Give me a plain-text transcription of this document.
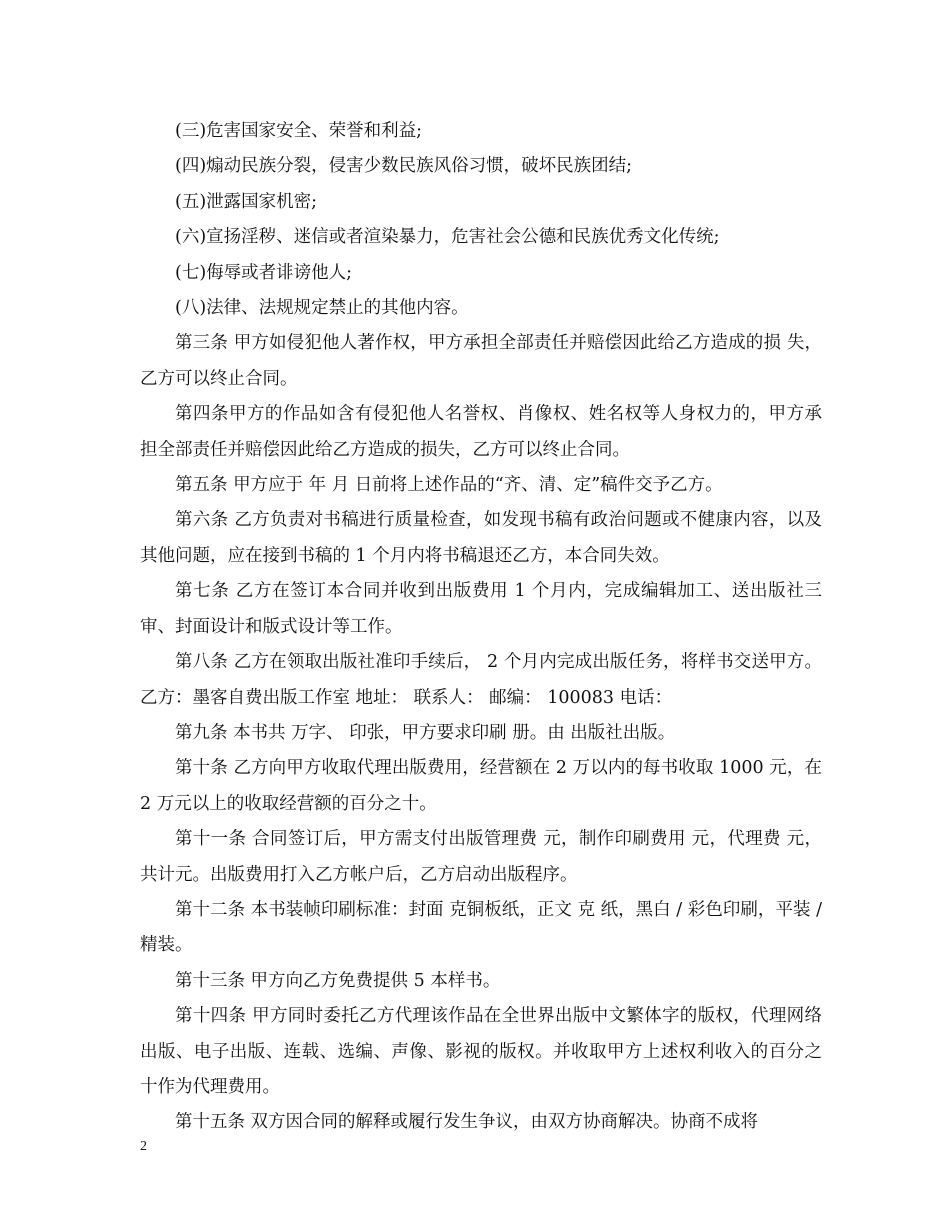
(三)危害国家安全、荣誉和利益;

(四)煽动民族分裂，侵害少数民族风俗习惯，破坏民族团结;

(五)泄露国家机密;

(六)宣扬淫秽、迷信或者渲染暴力，危害社会公德和民族优秀文化传统;

(七)侮辱或者诽谤他人;

(八)法律、法规规定禁止的其他内容。

第三条 甲方如侵犯他人著作权，甲方承担全部责任并赔偿因此给乙方造成的损 失，乙方可以终止合同。

第四条甲方的作品如含有侵犯他人名誉权、肖像权、姓名权等人身权力的，甲方承担全部责任并赔偿因此给乙方造成的损失，乙方可以终止合同。

第五条 甲方应于 年 月 日前将上述作品的“齐、清、定”稿件交予乙方。

第六条 乙方负责对书稿进行质量检查，如发现书稿有政治问题或不健康内容，以及其他问题，应在接到书稿的 1 个月内将书稿退还乙方，本合同失效。

第七条 乙方在签订本合同并收到出版费用 1 个月内，完成编辑加工、送出版社三 审、封面设计和版式设计等工作。

第八条 乙方在领取出版社准印手续后， 2 个月内完成出版任务，将样书交送甲方。 乙方：墨客自费出版工作室 地址： 联系人： 邮编： 100083 电话：

第九条 本书共 万字、 印张，甲方要求印刷 册。由 出版社出版。

第十条 乙方向甲方收取代理出版费用，经营额在 2 万以内的每书收取 1000 元，在 2 万元以上的收取经营额的百分之十。

第十一条 合同签订后，甲方需支付出版管理费 元，制作印刷费用 元，代理费 元，共计元。出版费用打入乙方帐户后，乙方启动出版程序。

第十二条 本书装帧印刷标准：封面 克铜板纸，正文 克 纸，黑白 / 彩色印刷，平装 / 精装。

第十三条 甲方向乙方免费提供 5 本样书。

第十四条 甲方同时委托乙方代理该作品在全世界出版中文繁体字的版权，代理网络出版、电子出版、连载、选编、声像、影视的版权。并收取甲方上述权利收入的百分之十作为代理费用。

第十五条 双方因合同的解释或履行发生争议，由双方协商解决。协商不成将

2
